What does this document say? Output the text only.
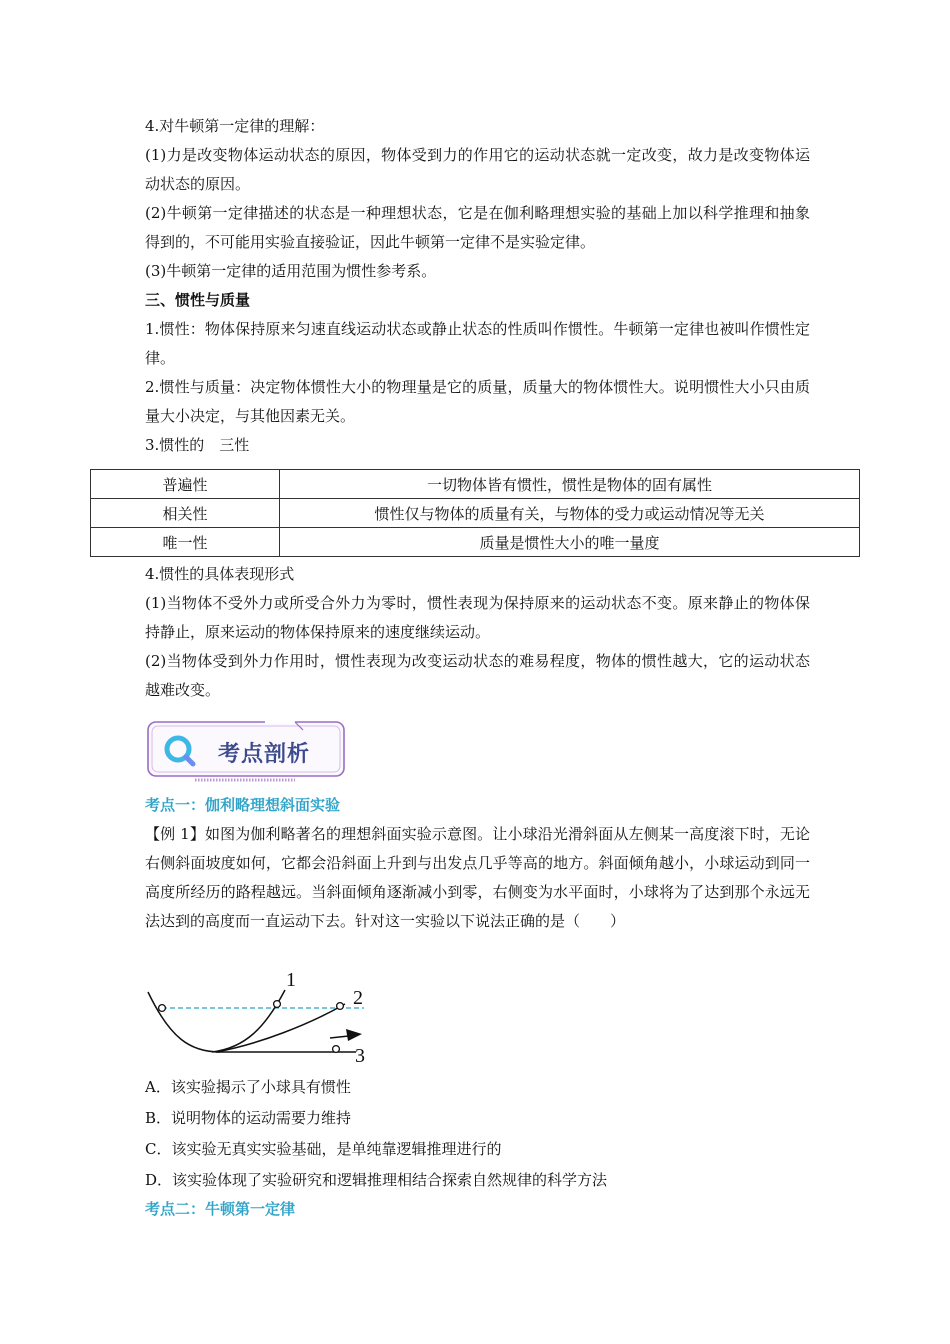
4.对牛顿第一定律的理解：

(1)力是改变物体运动状态的原因，物体受到力的作用它的运动状态就一定改变，故力是改变物体运动状态的原因。

(2)牛顿第一定律描述的状态是一种理想状态，它是在伽利略理想实验的基础上加以科学推理和抽象得到的，不可能用实验直接验证，因此牛顿第一定律不是实验定律。

(3)牛顿第一定律的适用范围为惯性参考系。

三、惯性与质量

1.惯性：物体保持原来匀速直线运动状态或静止状态的性质叫作惯性。牛顿第一定律也被叫作惯性定律。

2.惯性与质量：决定物体惯性大小的物理量是它的质量，质量大的物体惯性大。说明惯性大小只由质量大小决定，与其他因素无关。

3.惯性的　三性

普遍性	一切物体皆有惯性，惯性是物体的固有属性
相关性	惯性仅与物体的质量有关，与物体的受力或运动情况等无关
唯一性	质量是惯性大小的唯一量度

4.惯性的具体表现形式

(1)当物体不受外力或所受合外力为零时，惯性表现为保持原来的运动状态不变。原来静止的物体保持静止，原来运动的物体保持原来的速度继续运动。

(2)当物体受到外力作用时，惯性表现为改变运动状态的难易程度，物体的惯性越大，它的运动状态越难改变。

考点剖析

考点一：伽利略理想斜面实验

【例 1】如图为伽利略著名的理想斜面实验示意图。让小球沿光滑斜面从左侧某一高度滚下时，无论右侧斜面坡度如何，它都会沿斜面上升到与出发点几乎等高的地方。斜面倾角越小，小球运动到同一高度所经历的路程越远。当斜面倾角逐渐减小到零，右侧变为水平面时，小球将为了达到那个永远无法达到的高度而一直运动下去。针对这一实验以下说法正确的是（　　）

1
2
3

A．该实验揭示了小球具有惯性

B．说明物体的运动需要力维持

C．该实验无真实实验基础，是单纯靠逻辑推理进行的

D．该实验体现了实验研究和逻辑推理相结合探索自然规律的科学方法

考点二：牛顿第一定律
